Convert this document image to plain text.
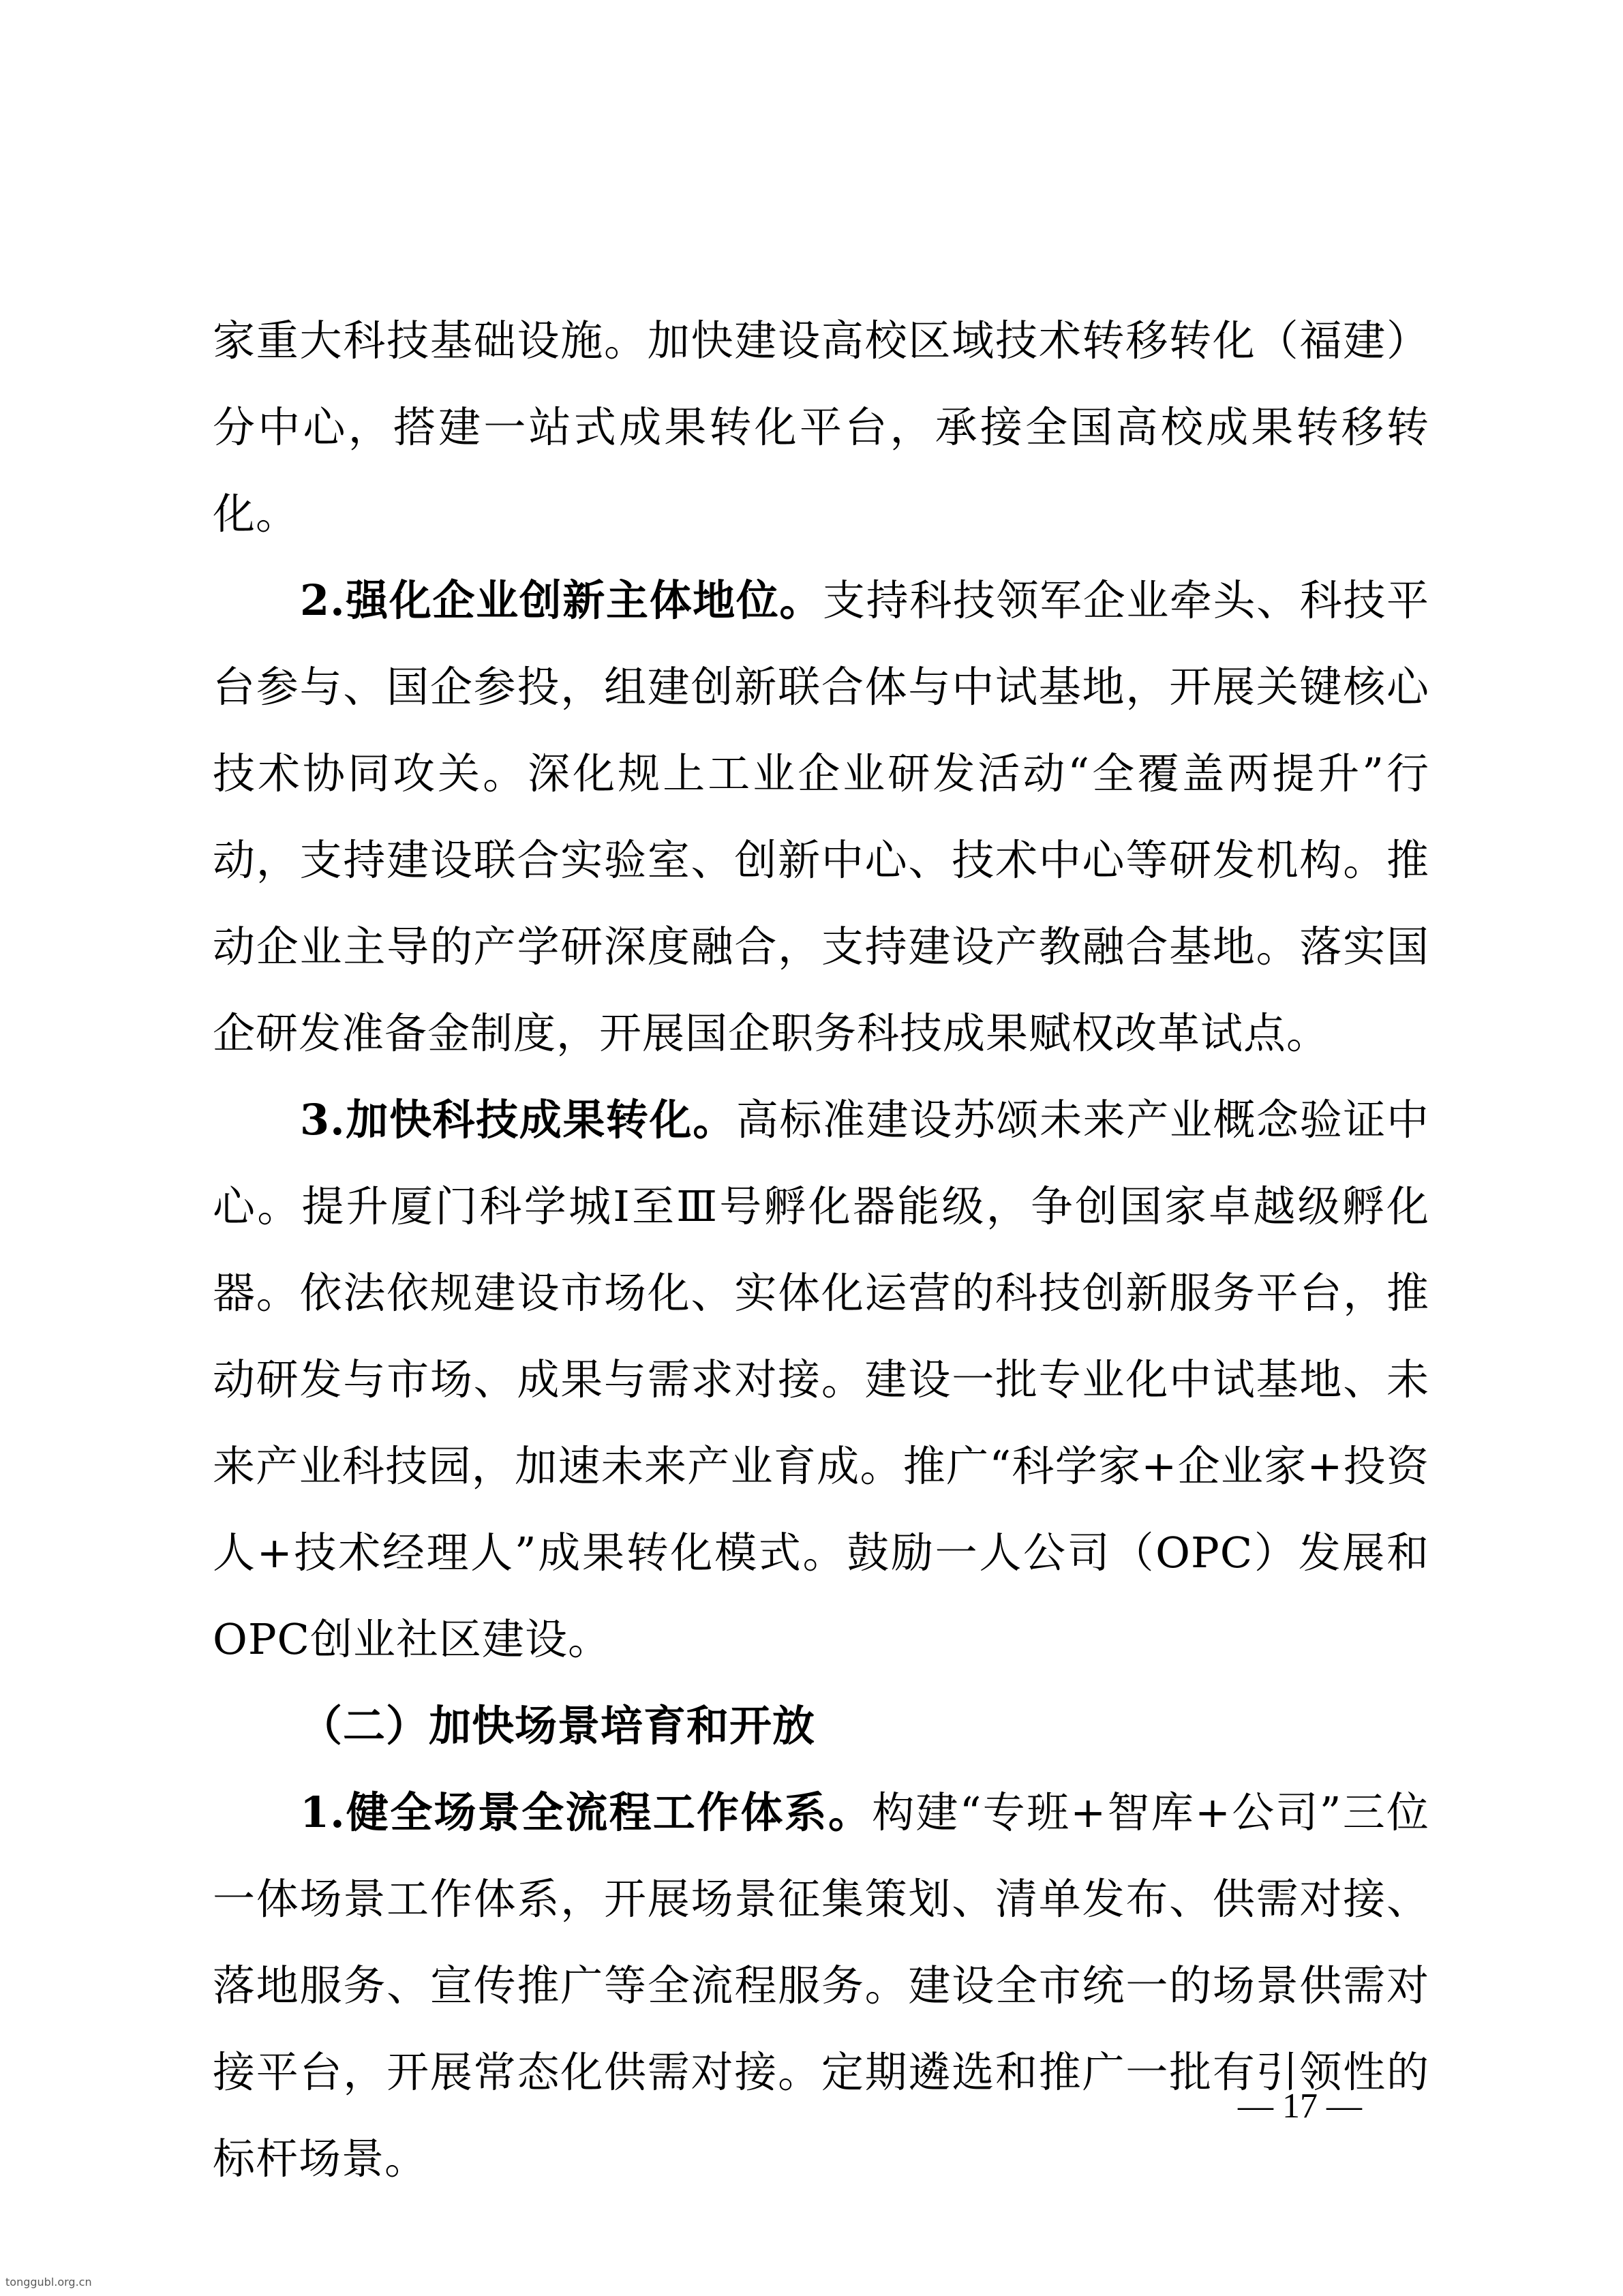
家重大科技基础设施。加快建设高校区域技术转移转化（福建）分中心，搭建一站式成果转化平台，承接全国高校成果转移转化。

2.强化企业创新主体地位。支持科技领军企业牵头、科技平台参与、国企参投，组建创新联合体与中试基地，开展关键核心技术协同攻关。深化规上工业企业研发活动“全覆盖两提升”行动，支持建设联合实验室、创新中心、技术中心等研发机构。推动企业主导的产学研深度融合，支持建设产教融合基地。落实国企研发准备金制度，开展国企职务科技成果赋权改革试点。

3.加快科技成果转化。高标准建设苏颂未来产业概念验证中心。提升厦门科学城Ⅰ至Ⅲ号孵化器能级，争创国家卓越级孵化器。依法依规建设市场化、实体化运营的科技创新服务平台，推动研发与市场、成果与需求对接。建设一批专业化中试基地、未来产业科技园，加速未来产业育成。推广“科学家+企业家+投资人+技术经理人”成果转化模式。鼓励一人公司（OPC）发展和OPC创业社区建设。

（二）加快场景培育和开放

1.健全场景全流程工作体系。构建“专班+智库+公司”三位一体场景工作体系，开展场景征集策划、清单发布、供需对接、落地服务、宣传推广等全流程服务。建设全市统一的场景供需对接平台，开展常态化供需对接。定期遴选和推广一批有引领性的标杆场景。

— 17 —
tonggubl.org.cn
